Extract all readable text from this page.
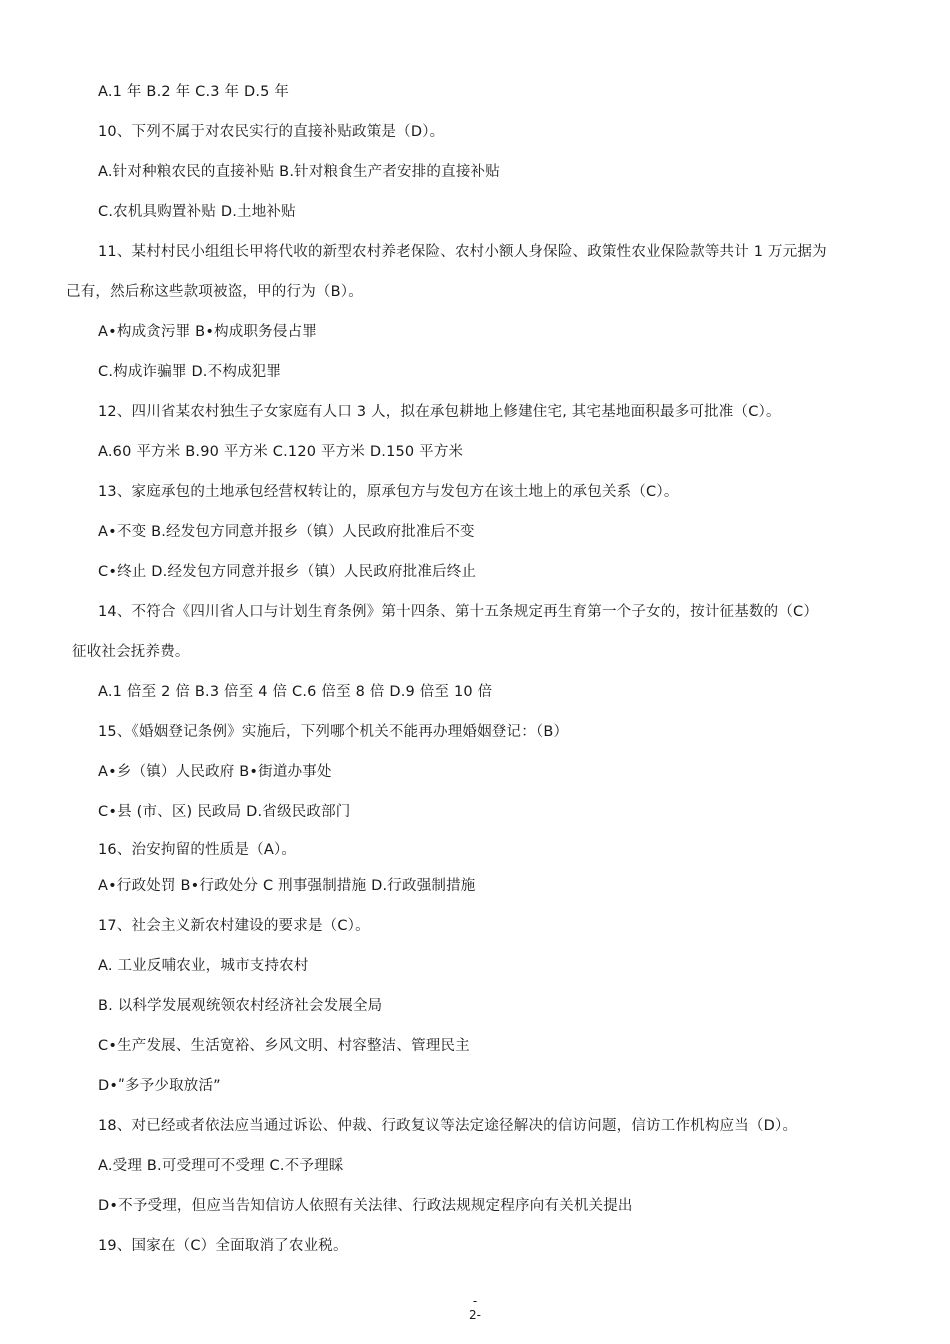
A.1 年 B.2 年 C.3 年 D.5 年
10、下列不属于对农民实行的直接补贴政策是（D）。
A.针对种粮农民的直接补贴 B.针对粮食生产者安排的直接补贴
C.农机具购置补贴 D.土地补贴
11、某村村民小组组长甲将代收的新型农村养老保险、农村小额人身保险、政策性农业保险款等共计 1 万元据为
己有，然后称这些款项被盗，甲的行为（B）。
A•构成贪污罪 B•构成职务侵占罪
C.构成诈骗罪 D.不构成犯罪
12、四川省某农村独生子女家庭有人口 3 人，拟在承包耕地上修建住宅, 其宅基地面积最多可批准（C）。
A.60 平方米 B.90 平方米 C.120 平方米 D.150 平方米
13、家庭承包的土地承包经营权转让的，原承包方与发包方在该土地上的承包关系（C）。
A•不变 B.经发包方同意并报乡（镇）人民政府批准后不变
C•终止 D.经发包方同意并报乡（镇）人民政府批准后终止
14、不符合《四川省人口与计划生育条例》第十四条、第十五条规定再生育第一个子女的，按计征基数的（C）
征收社会抚养费。
A.1 倍至 2 倍 B.3 倍至 4 倍 C.6 倍至 8 倍 D.9 倍至 10 倍
15、《婚姻登记条例》实施后，下列哪个机关不能再办理婚姻登记：（B）
A•乡（镇）人民政府 B•街道办事处
C•县 (市、区) 民政局 D.省级民政部门
16、治安拘留的性质是（A）。
A•行政处罚 B•行政处分 C 刑事强制措施 D.行政强制措施
17、社会主义新农村建设的要求是（C）。
A. 工业反哺农业，城市支持农村
B. 以科学发展观统领农村经济社会发展全局
C•生产发展、生活宽裕、乡风文明、村容整洁、管理民主
D•ʺ多予少取放活”
18、对已经或者依法应当通过诉讼、仲裁、行政复议等法定途径解决的信访问题，信访工作机构应当（D）。
A.受理 B.可受理可不受理 C.不予理睬
D•不予受理，但应当告知信访人依照有关法律、行政法规规定程序向有关机关提出
19、国家在（C）全面取消了农业税。
-
2-
